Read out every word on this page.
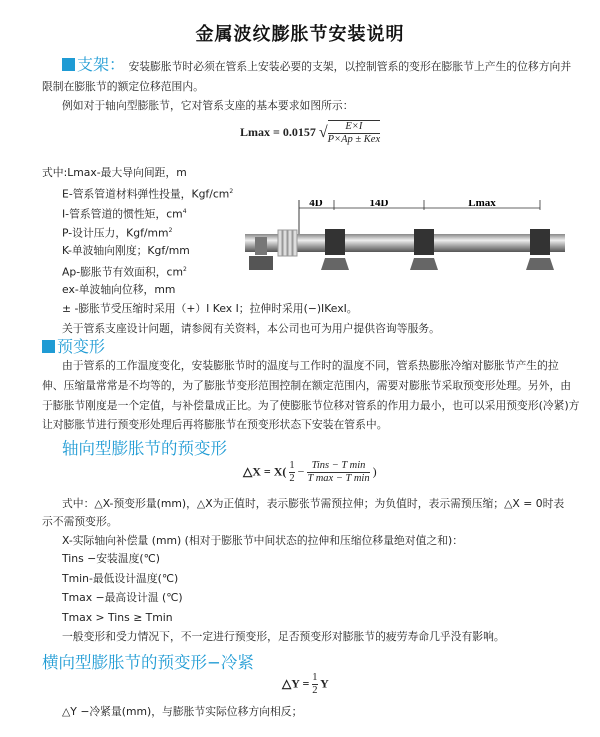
金属波纹膨胀节安装说明
支架： 安装膨胀节时必须在管系上安装必要的支架，以控制管系的变形在膨胀节上产生的位移方向并
限制在膨胀节的额定位移范围内。
例如对于轴向型膨胀节，它对管系支座的基本要求如图所示：
Lmax = 0.0157 √ $\frac{E\times I}{\text{P×Ap ± Kex}}$
式中:Lmax-最大导向间距，m
E-管系管道材料弹性投量，Kgf/$cm^2$
I-管系管道的惯性矩，$cm^4$
P-设计压力，Kgf/$mm^2$
K-单波轴向刚度；Kgf/mm
Ap-膨胀节有效面积，$cm^2$
ex-单波轴向位移，mm
± -膨胀节受压缩时采用（+）I Kex I；拉伸时采用(−)IKexI。
关于管系支座设计问题，请参阅有关资料，本公司也可为用户提供咨询等服务。
4D	14D	Lmax
预变形
由于管系的工作温度变化，安装膨胀节时的温度与工作时的温度不同，管系热膨胀冷缩对膨胀节产生的拉
伸、压缩量常常是不均等的，为了膨胀节变形范围控制在额定范围内，需要对膨胀节采取预变形处理。另外，由
于膨胀节刚度是一个定值，与补偿量成正比。为了使膨胀节位移对管系的作用力最小，也可以采用预变形(冷紧)方
让对膨胀节进行预变形处理后再将膨胀节在预变形状态下安装在管系中。
轴向型膨胀节的预变形
△X = $X( \frac{1}{2} - \frac{\text{Tins − T min}}{\text{T max − T min}}$ )
式中：△X-预变形量(mm)，△X为正值时，表示膨张节需预拉伸；为负值时，表示需预压缩；△X = 0时表
示不需预变形。
X-实际轴向补偿量 (mm) (相对于膨胀节中间状态的拉伸和压缩位移量绝对值之和)：
Tins −安装温度(℃)
Tmin-最低设计温度(℃)
Tmax −最高设计温 (℃)
Tmax > Tins ≥ Tmin
一般变形和受力情况下，不一定进行预变形，足否预变形对膨胀节的疲劳寿命几乎没有影响。
横向型膨胀节的预变形−冷紧
△Y = $\frac{1}{2}$ Y
△Y −冷紧量(mm)，与膨胀节实际位移方向相反；
